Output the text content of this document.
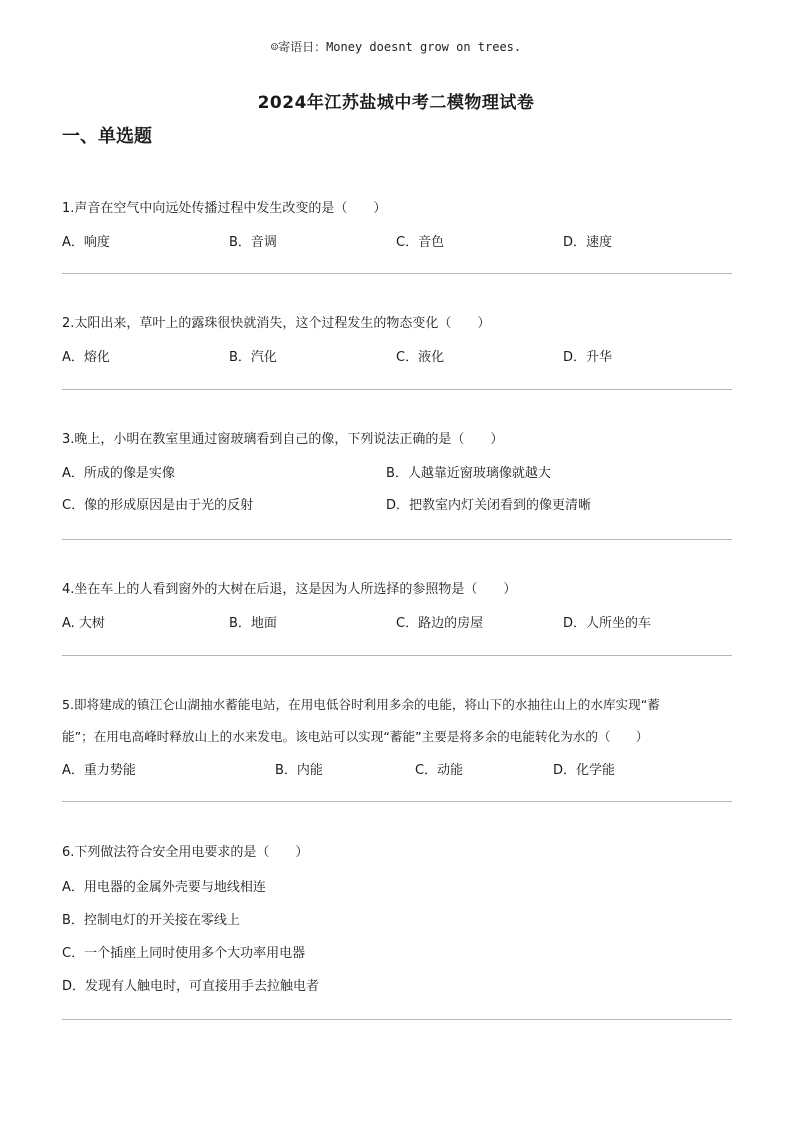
☺寄语日：Money doesnt grow on trees.
2024年江苏盐城中考二模物理试卷
一、单选题
1.声音在空气中向远处传播过程中发生改变的是（　　）
A．响度	B．音调	C．音色	D．速度
2.太阳出来，草叶上的露珠很快就消失，这个过程发生的物态变化（　　）
A．熔化	B．汽化	C．液化	D．升华
3.晚上，小明在教室里通过窗玻璃看到自己的像，下列说法正确的是（　　）
A．所成的像是实像	B．人越靠近窗玻璃像就越大
C．像的形成原因是由于光的反射	D．把教室内灯关闭看到的像更清晰
4.坐在车上的人看到窗外的大树在后退，这是因为人所选择的参照物是（　　）
A. 大树	B．地面	C．路边的房屋	D．人所坐的车
5.即将建成的镇江仑山湖抽水蓄能电站，在用电低谷时利用多余的电能，将山下的水抽往山上的水库实现“蓄
能”；在用电高峰时释放山上的水来发电。该电站可以实现“蓄能”主要是将多余的电能转化为水的（　　）
A．重力势能	B．内能	C．动能	D．化学能
6.下列做法符合安全用电要求的是（　　）
A．用电器的金属外壳要与地线相连
B．控制电灯的开关接在零线上
C．一个插座上同时使用多个大功率用电器
D．发现有人触电时，可直接用手去拉触电者
